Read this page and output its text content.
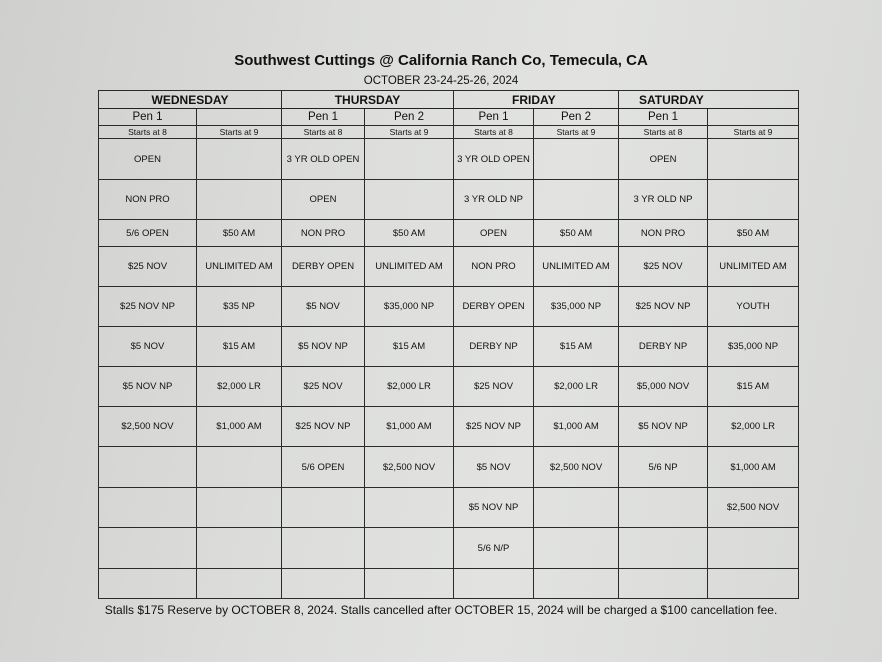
Southwest Cuttings @ California Ranch Co, Temecula, CA
OCTOBER 23-24-25-26, 2024
WEDNESDAY		THURSDAY		FRIDAY		SATURDAY	
Pen 1		Pen 1	Pen 2	Pen 1	Pen 2	Pen 1	
Starts at 8	Starts at 9	Starts at 8	Starts at 9	Starts at 8	Starts at 9	Starts at 8	Starts at 9
OPEN		3 YR OLD OPEN		3 YR OLD OPEN		OPEN	
NON PRO		OPEN		3 YR OLD NP		3 YR OLD NP	
5/6 OPEN	$50 AM	NON PRO	$50 AM	OPEN	$50 AM	NON PRO	$50 AM
$25 NOV	UNLIMITED AM	DERBY OPEN	UNLIMITED AM	NON PRO	UNLIMITED AM	$25 NOV	UNLIMITED AM
$25 NOV NP	$35 NP	$5 NOV	$35,000 NP	DERBY OPEN	$35,000 NP	$25 NOV NP	YOUTH
$5 NOV	$15 AM	$5 NOV NP	$15 AM	DERBY NP	$15 AM	DERBY NP	$35,000 NP
$5 NOV NP	$2,000 LR	$25 NOV	$2,000 LR	$25 NOV	$2,000 LR	$5,000 NOV	$15 AM
$2,500 NOV	$1,000 AM	$25 NOV NP	$1,000 AM	$25 NOV NP	$1,000 AM	$5 NOV NP	$2,000 LR
		5/6 OPEN	$2,500 NOV	$5 NOV	$2,500 NOV	5/6 NP	$1,000 AM
				$5 NOV NP			$2,500 NOV
				5/6 N/P			

Stalls $175 Reserve by OCTOBER 8, 2024. Stalls cancelled after OCTOBER 15, 2024 will be charged a $100 cancellation fee.
